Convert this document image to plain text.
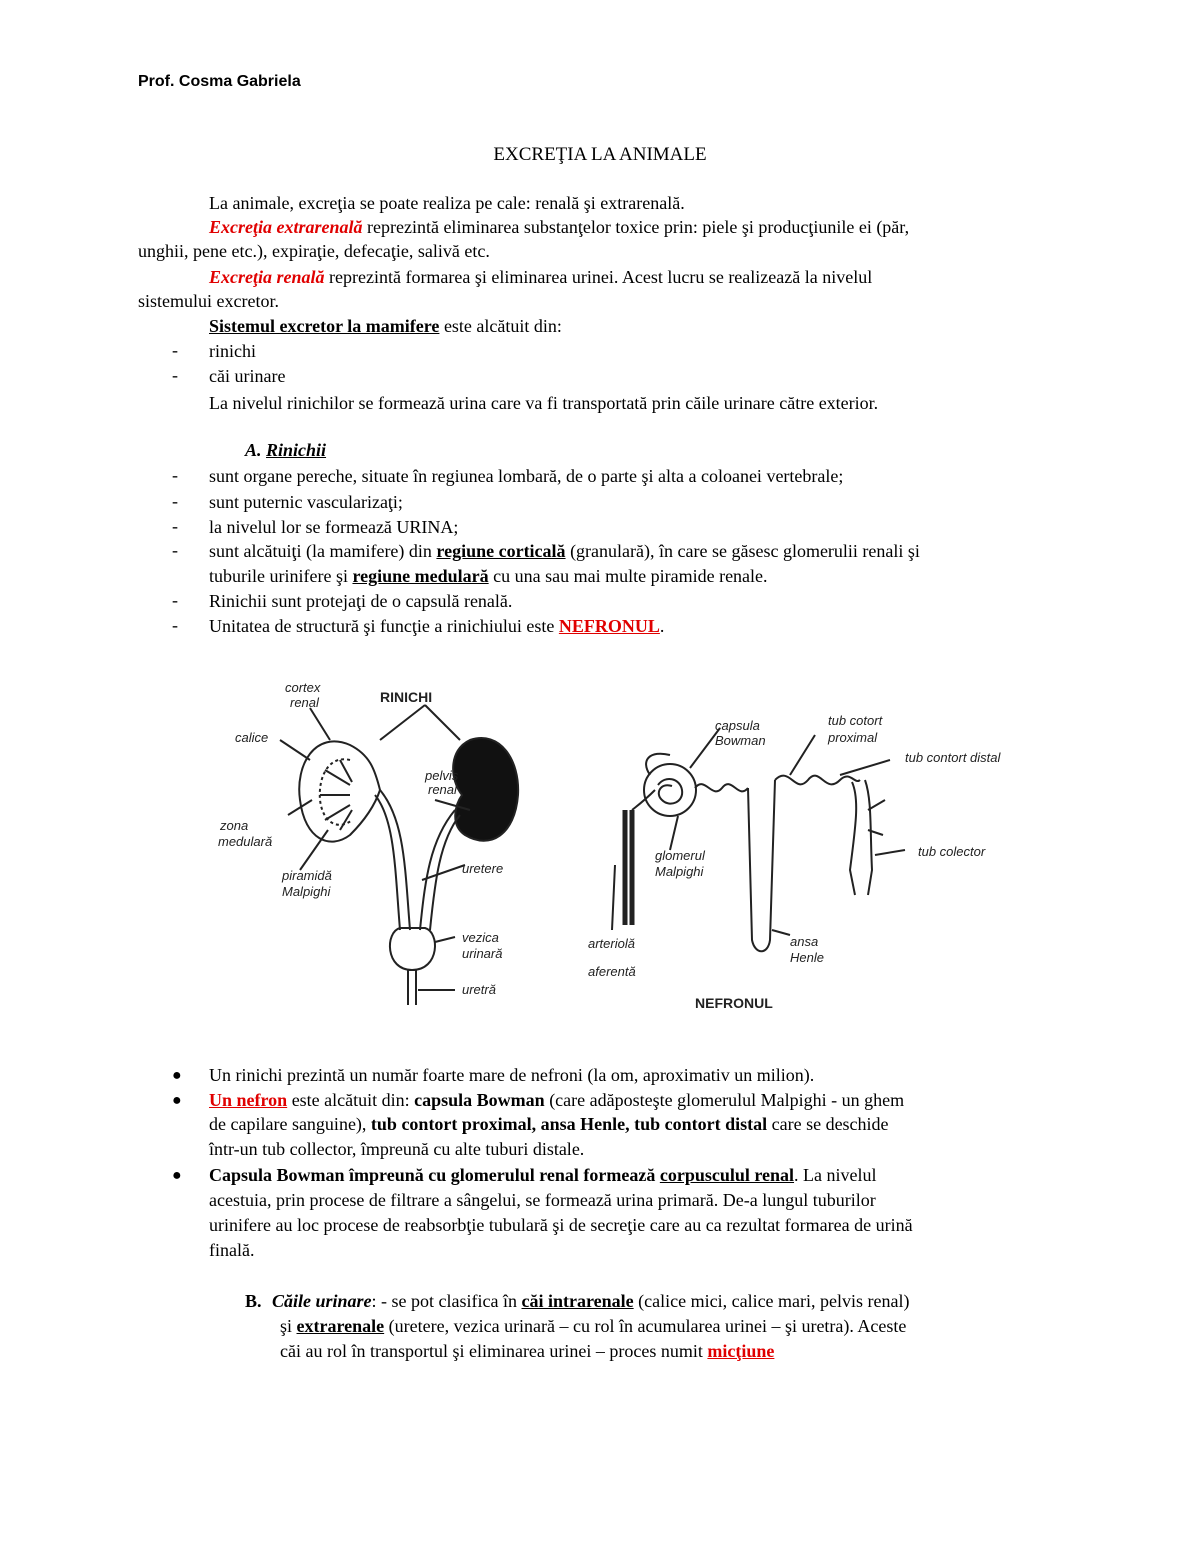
Prof. Cosma Gabriela
EXCREŢIA LA ANIMALE
La animale, excreţia se poate realiza pe cale: renală şi extrarenală.
Excreţia extrarenală reprezintă eliminarea substanţelor toxice prin: piele şi producţiunile ei (păr,
unghii, pene etc.), expiraţie, defecaţie, salivă etc.
Excreţia renală reprezintă formarea şi eliminarea urinei. Acest lucru se realizează la nivelul
sistemului excretor.
Sistemul excretor la mamifere este alcătuit din:
- rinichi
- căi urinare
La nivelul rinichilor se formează urina care va fi transportată prin căile urinare către exterior.
A. Rinichii
- sunt organe pereche, situate în regiunea lombară, de o parte şi alta a coloanei vertebrale;
- sunt puternic vascularizaţi;
- la nivelul lor se formează URINA;
- sunt alcătuiţi (la mamifere) din regiune corticală (granulară), în care se găsesc glomerulii renali şi
tuburile urinifere şi regiune medulară cu una sau mai multe piramide renale.
- Rinichii sunt protejaţi de o capsulă renală.
- Unitatea de structură şi funcţie a rinichiului este NEFRONUL.
RINICHI
cortex
renal
calice
pelvis
renal
zona
medulară
piramidă
Malpighi
uretere
vezica
urinară
uretră
capsula
Bowman
tub cotort
proximal
tub contort distal
tub colector
glomerul
Malpighi
arteriolă
aferentă
ansa
Henle
NEFRONUL
● Un rinichi prezintă un număr foarte mare de nefroni (la om, aproximativ un milion).
● Un nefron este alcătuit din: capsula Bowman (care adăposteşte glomerulul Malpighi - un ghem
de capilare sanguine), tub contort proximal, ansa Henle, tub contort distal care se deschide
într-un tub collector, împreună cu alte tuburi distale.
● Capsula Bowman împreună cu glomerulul renal formează corpusculul renal. La nivelul
acestuia, prin procese de filtrare a sângelui, se formează urina primară. De-a lungul tuburilor
urinifere au loc procese de reabsorbţie tubulară şi de secreţie care au ca rezultat formarea de urină
finală.
B. Căile urinare: - se pot clasifica în căi intrarenale (calice mici, calice mari, pelvis renal)
şi extrarenale (uretere, vezica urinară – cu rol în acumularea urinei – şi uretra). Aceste
căi au rol în transportul şi eliminarea urinei – proces numit micţiune
